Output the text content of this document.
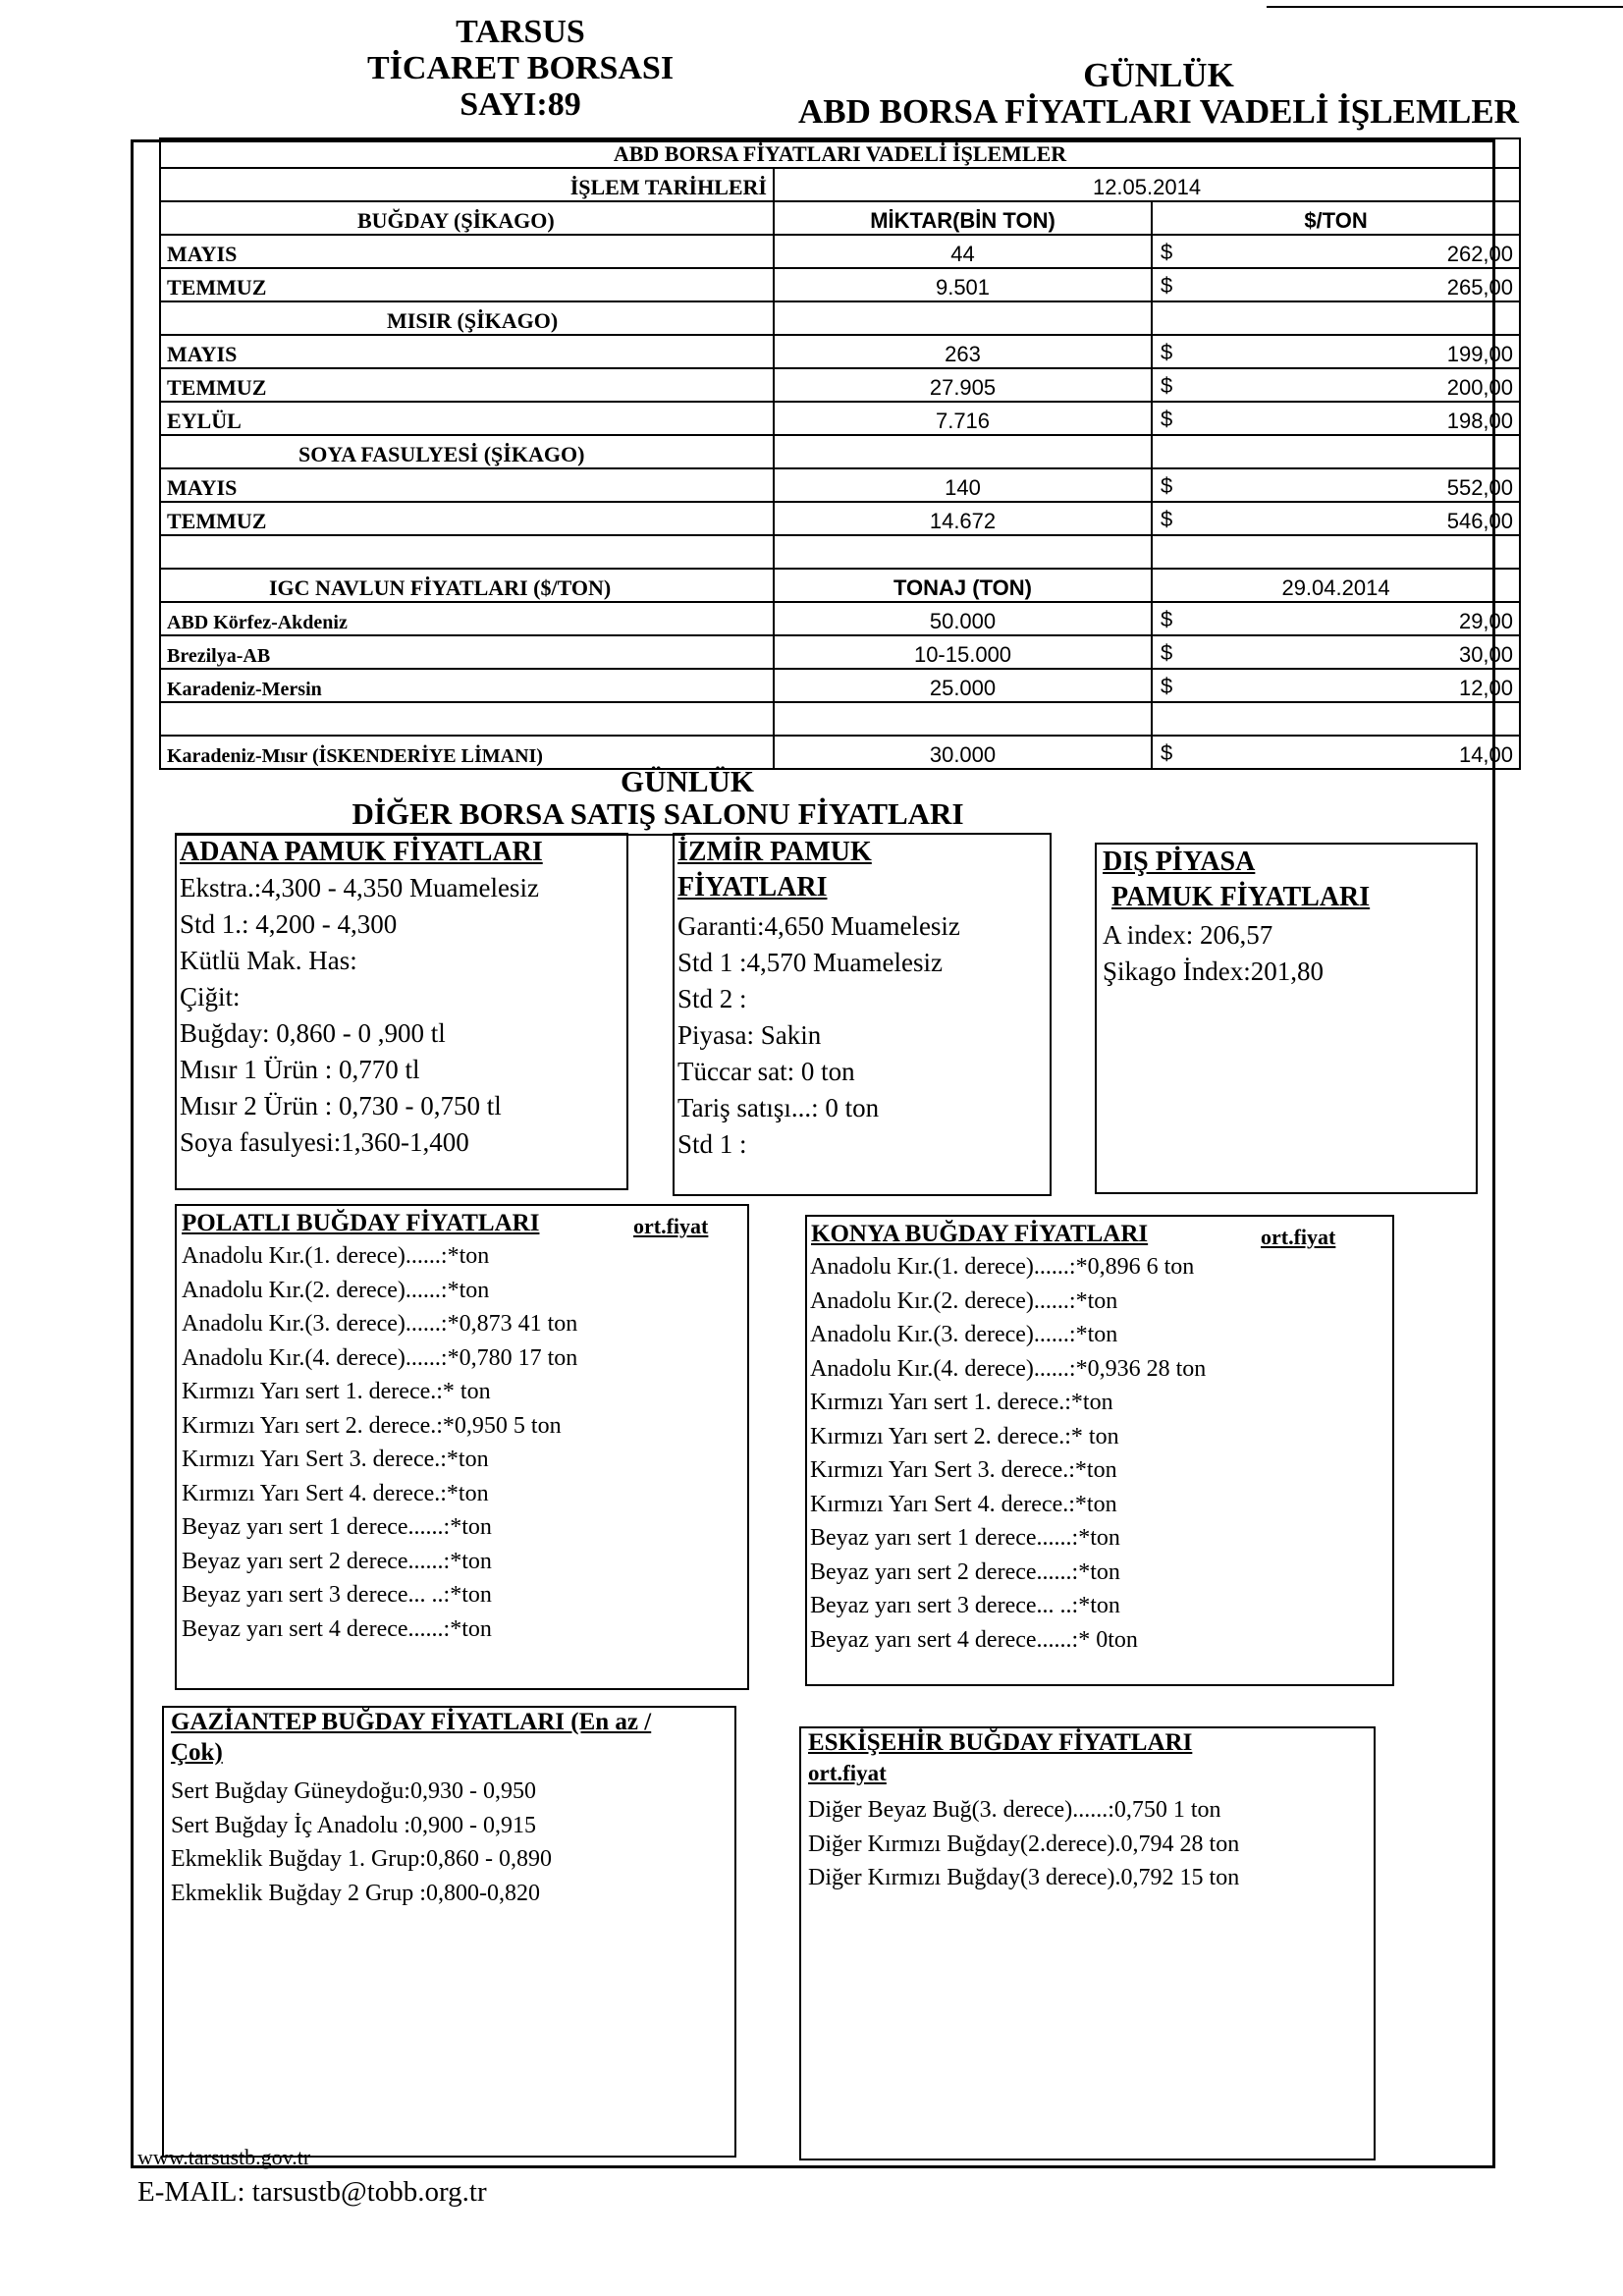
TARSUS
TİCARET BORSASI
SAYI:89
GÜNLÜK
ABD BORSA FİYATLARI VADELİ İŞLEMLER
ABD BORSA FİYATLARI VADELİ İŞLEMLER		
İŞLEM TARİHLERİ	12.05.2014	
BUĞDAY (ŞİKAGO)	MİKTAR(BİN TON)	$/TON
MAYIS	44	$ 262,00

TEMMUZ	9.501	$ 265,00

MISIR (ŞİKAGO)		
MAYIS	263	$ 199,00

TEMMUZ	27.905	$ 200,00

EYLÜL	7.716	$ 198,00

SOYA FASULYESİ (ŞİKAGO)		
MAYIS	140	$ 552,00

TEMMUZ	14.672	$ 546,00

IGC NAVLUN FİYATLARI ($/TON)	TONAJ (TON)	29.04.2014
ABD Körfez-Akdeniz	50.000	$ 29,00

Brezilya-AB	10-15.000	$ 30,00

Karadeniz-Mersin	25.000	$ 12,00

Karadeniz-Mısır (İSKENDERİYE LİMANI)	30.000	$ 14,00
GÜNLÜK
DİĞER BORSA SATIŞ SALONU FİYATLARI
ADANA PAMUK FİYATLARI
Ekstra.:4,300 - 4,350 Muamelesiz
Std 1.: 4,200 - 4,300
Kütlü Mak. Has:
Çiğit:
Buğday: 0,860 - 0 ,900 tl
Mısır 1 Ürün : 0,770 tl
Mısır 2 Ürün : 0,730 - 0,750 tl
Soya fasulyesi:1,360-1,400
İZMİR PAMUK
FİYATLARI
Garanti:4,650 Muamelesiz
Std 1 :4,570 Muamelesiz
Std 2 :
Piyasa: Sakin
Tüccar sat: 0 ton
Tariş satışı...: 0 ton
Std 1 :
DIŞ PİYASA
PAMUK FİYATLARI
A index: 206,57
Şikago İndex:201,80
POLATLI BUĞDAY FİYATLARI	ort.fiyat
Anadolu Kır.(1. derece)......:*ton
Anadolu Kır.(2. derece)......:*ton
Anadolu Kır.(3. derece)......:*0,873 41 ton
Anadolu Kır.(4. derece)......:*0,780 17 ton
Kırmızı Yarı sert 1. derece.:* ton
Kırmızı Yarı sert 2. derece.:*0,950 5 ton
Kırmızı Yarı Sert 3. derece.:*ton
Kırmızı Yarı Sert 4. derece.:*ton
Beyaz yarı sert 1 derece......:*ton
Beyaz yarı sert 2 derece......:*ton
Beyaz yarı sert 3 derece... ..:*ton
Beyaz yarı sert 4 derece......:*ton
KONYA BUĞDAY FİYATLARI	ort.fiyat
Anadolu Kır.(1. derece)......:*0,896 6 ton
Anadolu Kır.(2. derece)......:*ton
Anadolu Kır.(3. derece)......:*ton
Anadolu Kır.(4. derece)......:*0,936 28 ton
Kırmızı Yarı sert 1. derece.:*ton
Kırmızı Yarı sert 2. derece.:* ton
Kırmızı Yarı Sert 3. derece.:*ton
Kırmızı Yarı Sert 4. derece.:*ton
Beyaz yarı sert 1 derece......:*ton
Beyaz yarı sert 2 derece......:*ton
Beyaz yarı sert 3 derece... ..:*ton
Beyaz yarı sert 4 derece......:* 0ton
GAZİANTEP BUĞDAY FİYATLARI (En az /
Çok)
Sert Buğday Güneydoğu:0,930 - 0,950
Sert Buğday İç Anadolu :0,900 - 0,915
Ekmeklik Buğday 1. Grup:0,860 - 0,890
Ekmeklik Buğday 2 Grup :0,800-0,820
ESKİŞEHİR BUĞDAY FİYATLARI
ort.fiyat
Diğer Beyaz Buğ(3. derece)......:0,750 1 ton
Diğer Kırmızı Buğday(2.derece).0,794 28 ton
Diğer Kırmızı Buğday(3 derece).0,792 15 ton
www.tarsustb.gov.tr
E-MAIL: tarsustb@tobb.org.tr
